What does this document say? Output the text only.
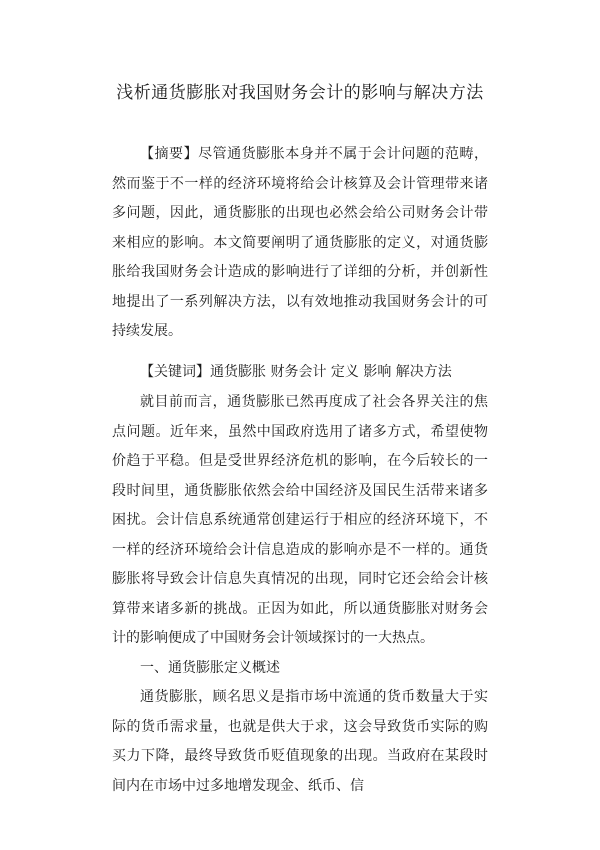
浅析通货膨胀对我国财务会计的影响与解决方法

【摘要】尽管通货膨胀本身并不属于会计问题的范畴，然而鉴于不一样的经济环境将给会计核算及会计管理带来诸多问题，因此，通货膨胀的出现也必然会给公司财务会计带来相应的影响。本文简要阐明了通货膨胀的定义，对通货膨胀给我国财务会计造成的影响进行了详细的分析，并创新性地提出了一系列解决方法，以有效地推动我国财务会计的可持续发展。

【关键词】通货膨胀 财务会计 定义 影响 解决方法

就目前而言，通货膨胀已然再度成了社会各界关注的焦点问题。近年来，虽然中国政府选用了诸多方式，希望使物价趋于平稳。但是受世界经济危机的影响，在今后较长的一段时间里，通货膨胀依然会给中国经济及国民生活带来诸多困扰。会计信息系统通常创建运行于相应的经济环境下，不一样的经济环境给会计信息造成的影响亦是不一样的。通货膨胀将导致会计信息失真情况的出现，同时它还会给会计核算带来诸多新的挑战。正因为如此，所以通货膨胀对财务会计的影响便成了中国财务会计领域探讨的一大热点。

一、通货膨胀定义概述

通货膨胀，顾名思义是指市场中流通的货币数量大于实际的货币需求量，也就是供大于求，这会导致货币实际的购买力下降，最终导致货币贬值现象的出现。当政府在某段时间内在市场中过多地增发现金、纸币、信
